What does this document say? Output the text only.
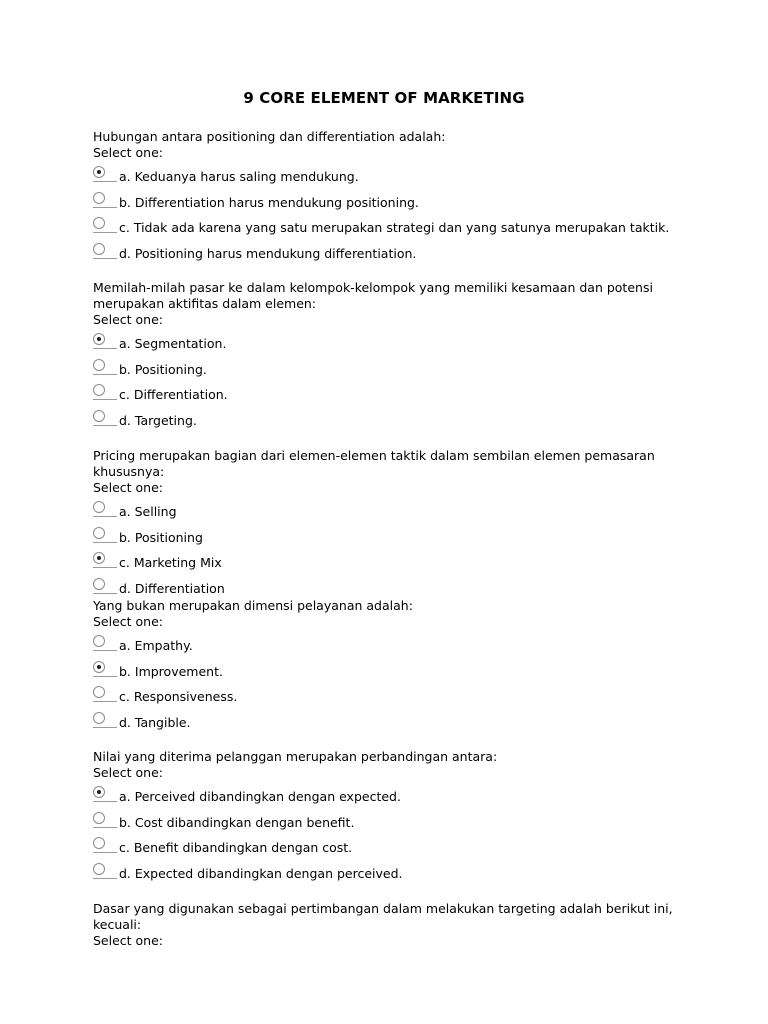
9 CORE ELEMENT OF MARKETING
Hubungan antara positioning dan differentiation adalah:
Select one:
a. Keduanya harus saling mendukung.
b. Differentiation harus mendukung positioning.
c. Tidak ada karena yang satu merupakan strategi dan yang satunya merupakan taktik.
d. Positioning harus mendukung differentiation.
Memilah-milah pasar ke dalam kelompok-kelompok yang memiliki kesamaan dan potensi merupakan aktifitas dalam elemen:
Select one:
a. Segmentation.
b. Positioning.
c. Differentiation.
d. Targeting.
Pricing merupakan bagian dari elemen-elemen taktik dalam sembilan elemen pemasaran khususnya:
Select one:
a. Selling
b. Positioning
c. Marketing Mix
d. Differentiation
Yang bukan merupakan dimensi pelayanan adalah:
Select one:
a. Empathy.
b. Improvement.
c. Responsiveness.
d. Tangible.
Nilai yang diterima pelanggan merupakan perbandingan antara:
Select one:
a. Perceived dibandingkan dengan expected.
b. Cost dibandingkan dengan benefit.
c. Benefit dibandingkan dengan cost.
d. Expected dibandingkan dengan perceived.
Dasar yang digunakan sebagai pertimbangan dalam melakukan targeting adalah berikut ini, kecuali:
Select one:
